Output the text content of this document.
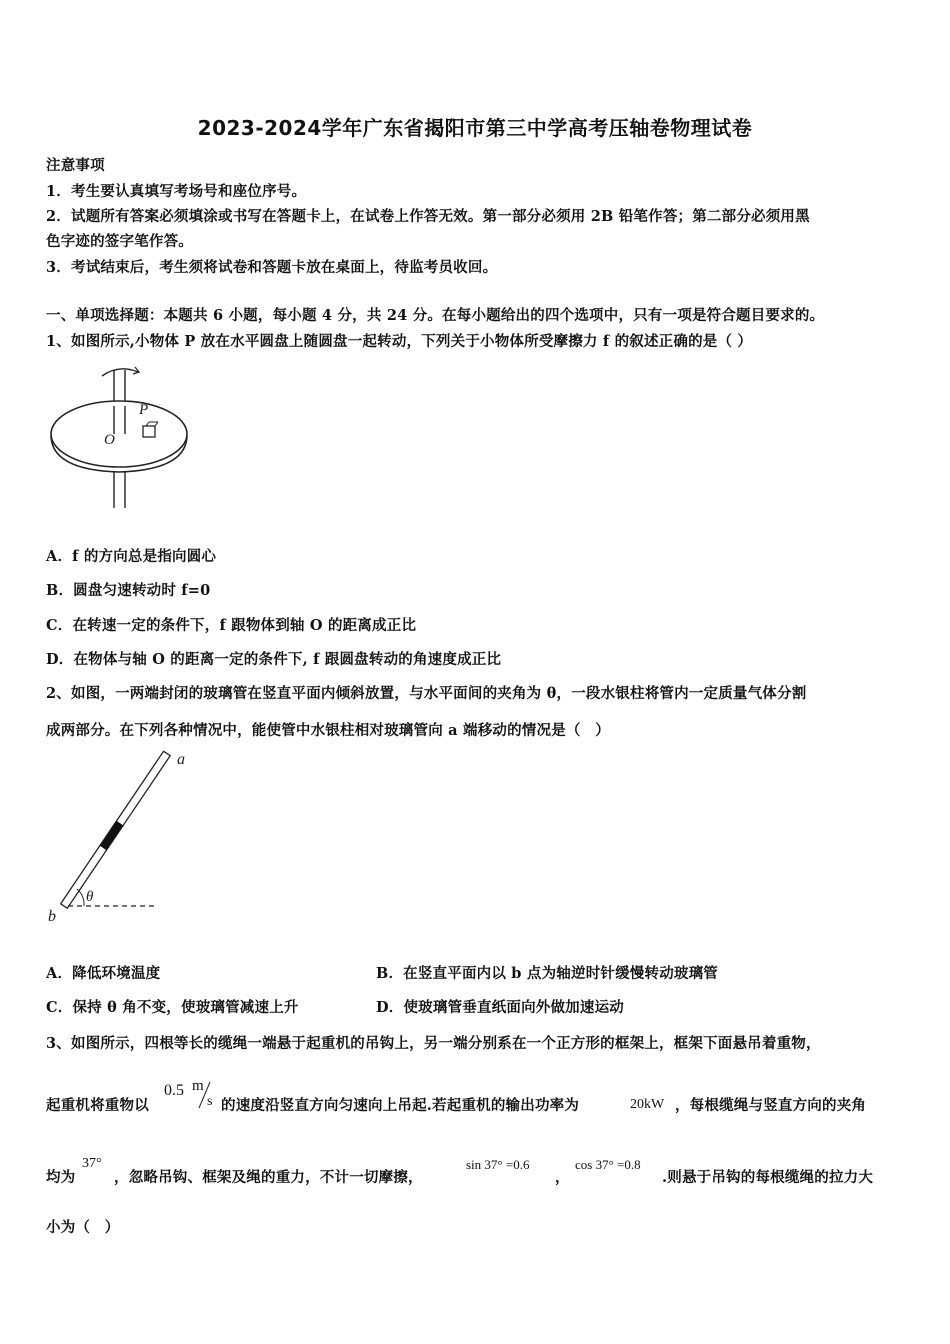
2023-2024学年广东省揭阳市第三中学高考压轴卷物理试卷
注意事项
1．考生要认真填写考场号和座位序号。
2．试题所有答案必须填涂或书写在答题卡上，在试卷上作答无效。第一部分必须用 2B 铅笔作答；第二部分必须用黑
色字迹的签字笔作答。
3．考试结束后，考生须将试卷和答题卡放在桌面上，待监考员收回。
一、单项选择题：本题共 6 小题，每小题 4 分，共 24 分。在每小题给出的四个选项中，只有一项是符合题目要求的。
1、如图所示,小物体 P 放在水平圆盘上随圆盘一起转动，下列关于小物体所受摩擦力 f 的叙述正确的是（ ）
P
O
A．f 的方向总是指向圆心
B．圆盘匀速转动时 f=0
C．在转速一定的条件下，f 跟物体到轴 O 的距离成正比
D．在物体与轴 O 的距离一定的条件下, f 跟圆盘转动的角速度成正比
2、如图，一两端封闭的玻璃管在竖直平面内倾斜放置，与水平面间的夹角为 θ，一段水银柱将管内一定质量气体分割
成两部分。在下列各种情况中，能使管中水银柱相对玻璃管向 a 端移动的情况是（　）
θ
a
b
A．降低环境温度	B．在竖直平面内以 b 点为轴逆时针缓慢转动玻璃管
C．保持 θ 角不变，使玻璃管减速上升	D．使玻璃管垂直纸面向外做加速运动
3、如图所示，四根等长的缆绳一端悬于起重机的吊钩上，另一端分别系在一个正方形的框架上，框架下面悬吊着重物，
起重机将重物以
0.5 m
s 的速度沿竖直方向匀速向上吊起.若起重机的输出功率为	20kW ，每根缆绳与竖直方向的夹角
均为
37°
，忽略吊钩、框架及绳的重力，不计一切摩擦，
sin 37° =0.6
，
cos 37° =0.8
.则悬于吊钩的每根缆绳的拉力大
小为（　）
